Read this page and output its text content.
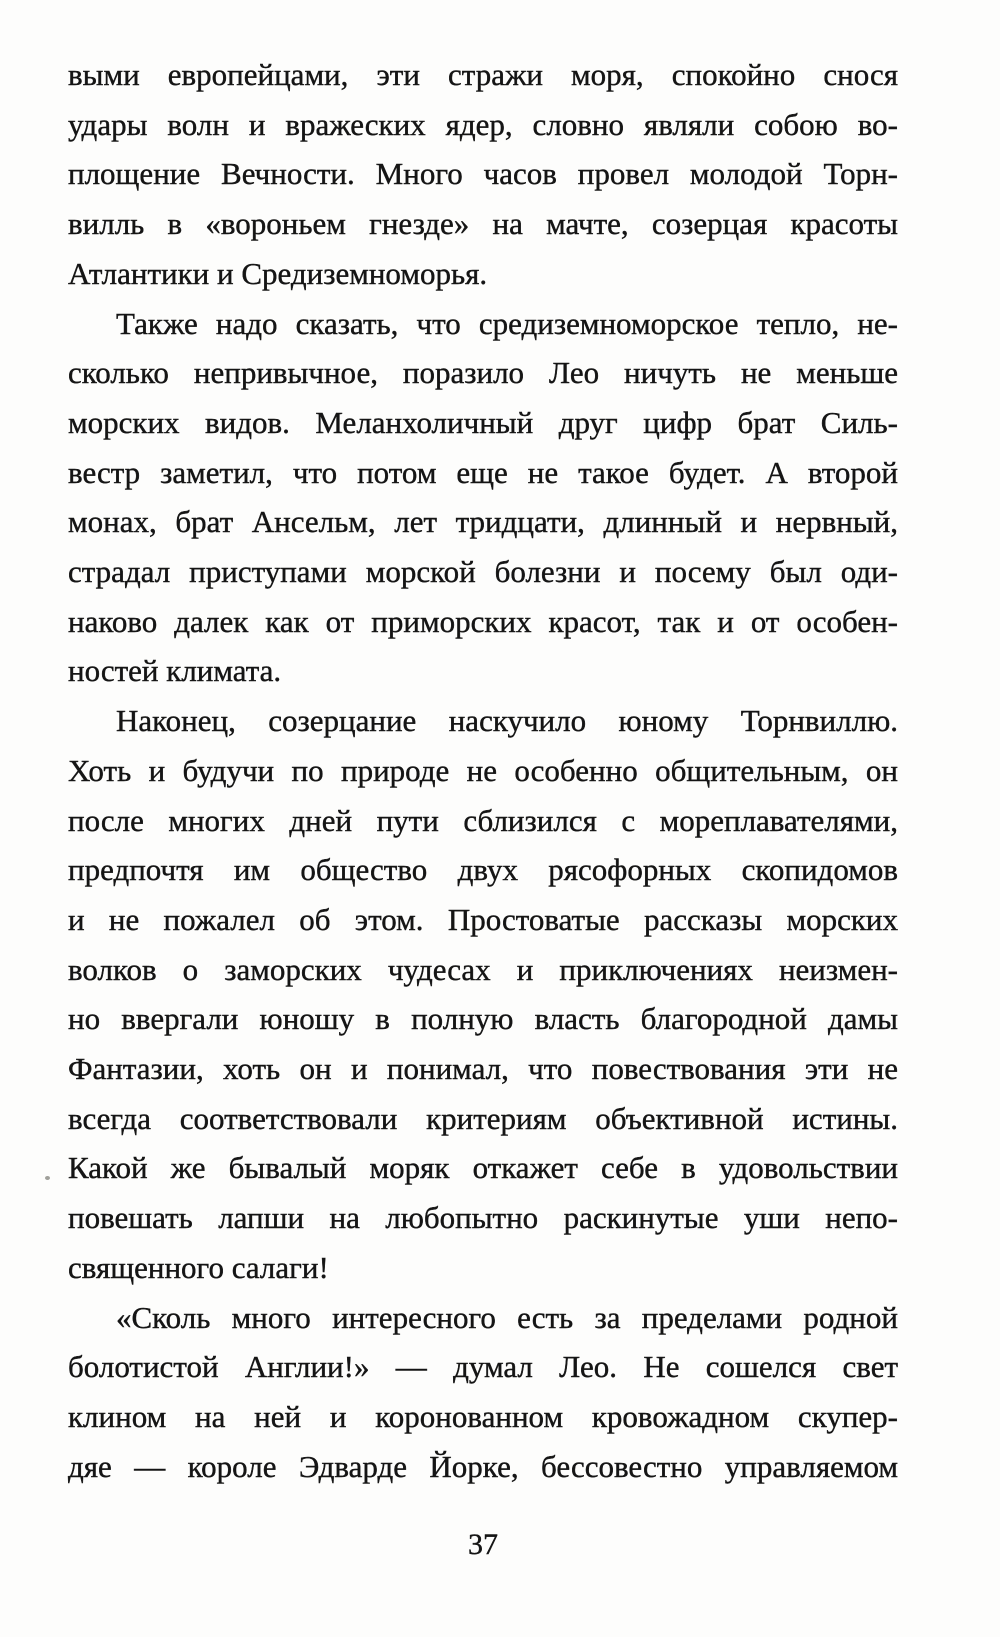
выми европейцами, эти стражи моря, спокойно снося
удары волн и вражеских ядер, словно являли собою во-
площение Вечности. Много часов провел молодой Торн-
вилль в «вороньем гнезде» на мачте, созерцая красоты
Атлантики и Средиземноморья.
Также надо сказать, что средиземноморское тепло, не-
сколько непривычное, поразило Лео ничуть не меньше
морских видов. Меланхоличный друг цифр брат Силь-
вестр заметил, что потом еще не такое будет. А второй
монах, брат Ансельм, лет тридцати, длинный и нервный,
страдал приступами морской болезни и посему был оди-
наково далек как от приморских красот, так и от особен-
ностей климата.
Наконец, созерцание наскучило юному Торнвиллю.
Хоть и будучи по природе не особенно общительным, он
после многих дней пути сблизился с мореплавателями,
предпочтя им общество двух рясофорных скопидомов
и не пожалел об этом. Простоватые рассказы морских
волков о заморских чудесах и приключениях неизмен-
но ввергали юношу в полную власть благородной дамы
Фантазии, хоть он и понимал, что повествования эти не
всегда соответствовали критериям объективной истины.
Какой же бывалый моряк откажет себе в удовольствии
повешать лапши на любопытно раскинутые уши непо-
священного салаги!
«Сколь много интересного есть за пределами родной
болотистой Англии!» — думал Лео. Не сошелся свет
клином на ней и коронованном кровожадном скупер-
дяе — короле Эдварде Йорке, бессовестно управляемом
37
